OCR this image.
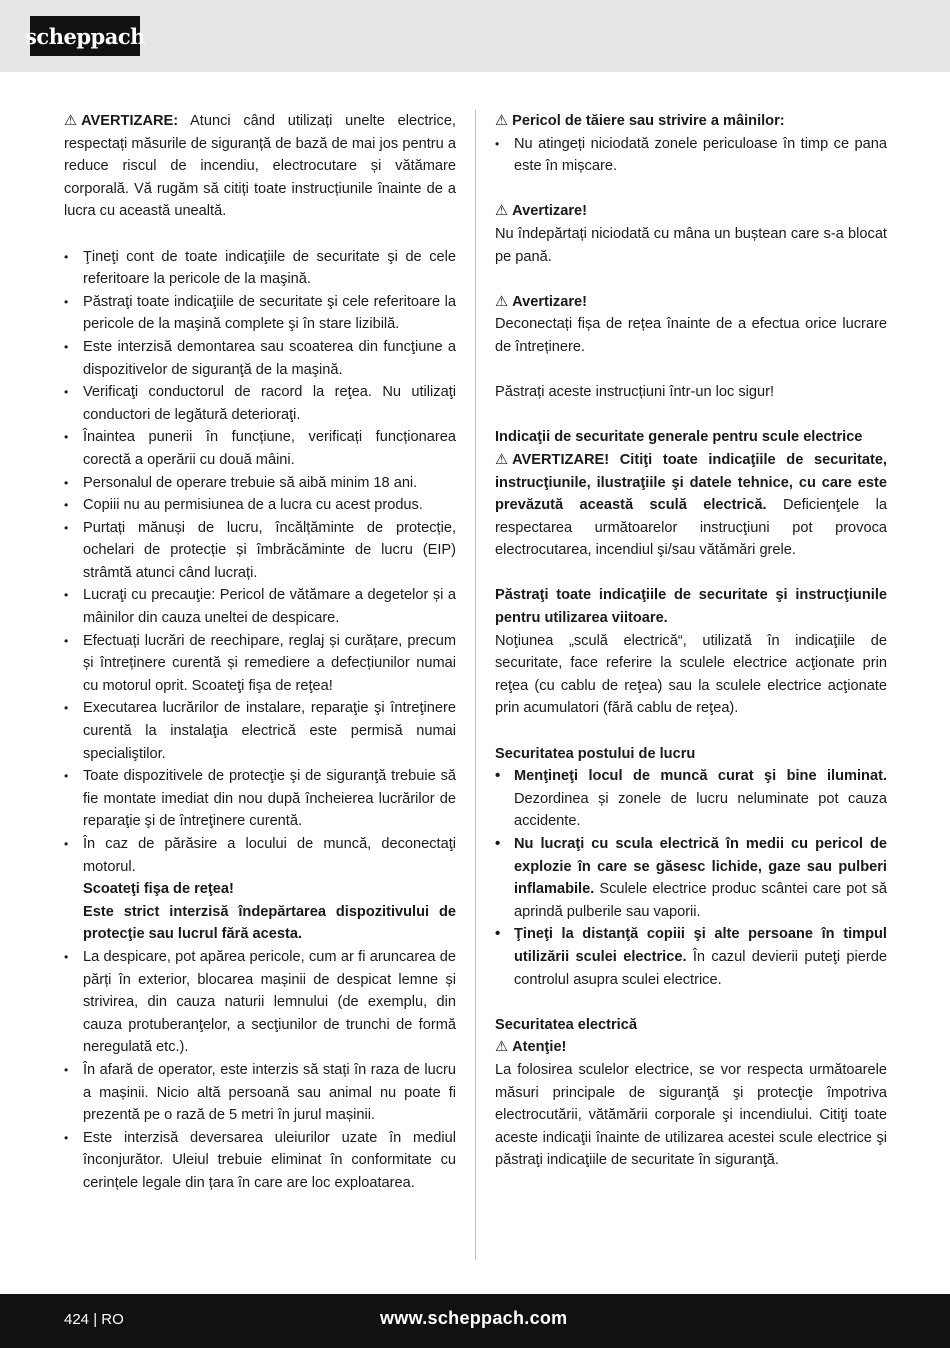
scheppach

⚠ AVERTIZARE: Atunci când utilizați unelte electrice, respectați măsurile de siguranță de bază de mai jos pentru a reduce riscul de incendiu, electrocutare și vătămare corporală. Vă rugăm să citiți toate instrucțiunile înainte de a lucra cu această unealtă.

• Ţineţi cont de toate indicaţiile de securitate şi de cele referitoare la pericole de la maşină.
• Păstraţi toate indicaţiile de securitate şi cele referitoare la pericole de la maşină complete şi în stare lizibilă.
• Este interzisă demontarea sau scoaterea din funcţiune a dispozitivelor de siguranţă de la maşină.
• Verificaţi conductorul de racord la reţea. Nu utilizaţi conductori de legătură deterioraţi.
• Înaintea punerii în funcțiune, verificați funcționarea corectă a operării cu două mâini.
• Personalul de operare trebuie să aibă minim 18 ani.
• Copiii nu au permisiunea de a lucra cu acest produs.
• Purtați mănuși de lucru, încălțăminte de protecție, ochelari de protecție și îmbrăcăminte de lucru (EIP) strâmtă atunci când lucrați.
• Lucraţi cu precauţie: Pericol de vătămare a degetelor și a mâinilor din cauza uneltei de despicare.
• Efectuați lucrări de reechipare, reglaj și curățare, precum și întreținere curentă și remediere a defecțiunilor numai cu motorul oprit. Scoateţi fişa de reţea!
• Executarea lucrărilor de instalare, reparaţie şi întreţinere curentă la instalaţia electrică este permisă numai specialiştilor.
• Toate dispozitivele de protecţie şi de siguranţă trebuie să fie montate imediat din nou după încheierea lucrărilor de reparaţie şi de întreţinere curentă.
• În caz de părăsire a locului de muncă, deconectaţi motorul.
Scoateţi fişa de reţea!
Este strict interzisă îndepărtarea dispozitivului de protecţie sau lucrul fără acesta.
• La despicare, pot apărea pericole, cum ar fi aruncarea de părți în exterior, blocarea mașinii de despicat lemne și strivirea, din cauza naturii lemnului (de exemplu, din cauza protuberanţelor, a secţiunilor de trunchi de formă neregulată etc.).
• În afară de operator, este interzis să stați în raza de lucru a mașinii. Nicio altă persoană sau animal nu poate fi prezentă pe o rază de 5 metri în jurul mașinii.
• Este interzisă deversarea uleiurilor uzate în mediul înconjurător. Uleiul trebuie eliminat în conformitate cu cerințele legale din țara în care are loc exploatarea.
⚠ Pericol de tăiere sau strivire a mâinilor:
• Nu atingeți niciodată zonele periculoase în timp ce pana este în mișcare.
⚠ Avertizare!
Nu îndepărtați niciodată cu mâna un buștean care s-a blocat pe pană.
⚠ Avertizare!
Deconectați fișa de rețea înainte de a efectua orice lucrare de întreținere.
Păstrați aceste instrucțiuni într-un loc sigur!
Indicaţii de securitate generale pentru scule electrice
⚠ AVERTIZARE! Citiţi toate indicaţiile de securitate, instrucţiunile, ilustraţiile şi datele tehnice, cu care este prevăzută această sculă electrică. Deficienţele la respectarea următoarelor instrucţiuni pot provoca electrocutarea, incendiul şi/sau vătămări grele.
Păstraţi toate indicaţiile de securitate şi instrucţiunile pentru utilizarea viitoare.
Noţiunea „sculă electrică“, utilizată în indicaţiile de securitate, face referire la sculele electrice acţionate prin reţea (cu cablu de reţea) sau la sculele electrice acţionate prin acumulatori (fără cablu de reţea).
Securitatea postului de lucru
• Menţineţi locul de muncă curat şi bine iluminat. Dezordinea și zonele de lucru neluminate pot cauza accidente.
• Nu lucraţi cu scula electrică în medii cu pericol de explozie în care se găsesc lichide, gaze sau pulberi inflamabile. Sculele electrice produc scântei care pot să aprindă pulberile sau vaporii.
• Ţineţi la distanţă copiii şi alte persoane în timpul utilizării sculei electrice. În cazul devierii puteţi pierde controlul asupra sculei electrice.
Securitatea electrică
⚠ Atenţie!
La folosirea sculelor electrice, se vor respecta următoarele măsuri principale de siguranţă şi protecţie împotriva electrocutării, vătămării corporale şi incendiului. Citiţi toate aceste indicaţii înainte de utilizarea acestei scule electrice şi păstraţi indicaţiile de securitate în siguranţă.
424 | RO	www.scheppach.com
